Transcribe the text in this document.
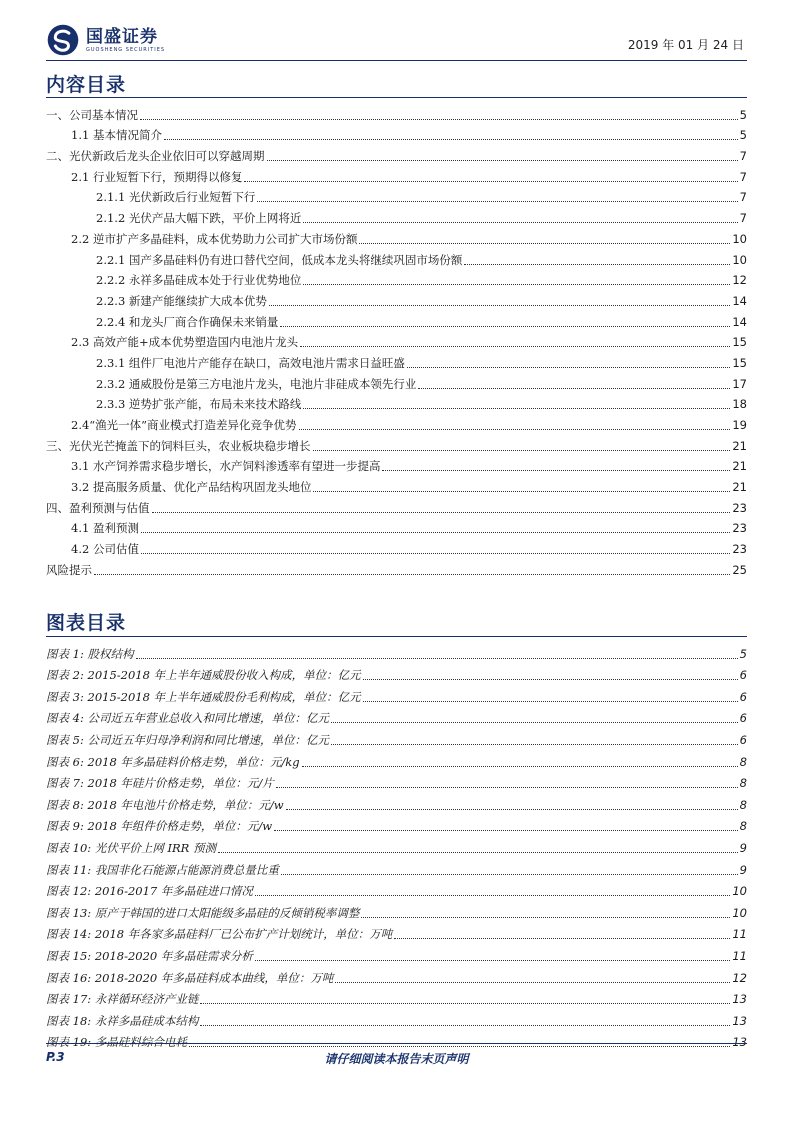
国盛证券
GUOSHENG SECURITIES	2019 年 01 月 24 日
内容目录
一、公司基本情况	5
1.1 基本情况简介	5
二、光伏新政后龙头企业依旧可以穿越周期	7
2.1 行业短暂下行，预期得以修复	7
2.1.1 光伏新政后行业短暂下行	7
2.1.2 光伏产品大幅下跌，平价上网将近	7
2.2 逆市扩产多晶硅料，成本优势助力公司扩大市场份额	10
2.2.1 国产多晶硅料仍有进口替代空间，低成本龙头将继续巩固市场份额	10
2.2.2 永祥多晶硅成本处于行业优势地位	12
2.2.3 新建产能继续扩大成本优势	14
2.2.4 和龙头厂商合作确保未来销量	14
2.3 高效产能+成本优势塑造国内电池片龙头	15
2.3.1 组件厂电池片产能存在缺口，高效电池片需求日益旺盛	15
2.3.2 通威股份是第三方电池片龙头，电池片非硅成本领先行业	17
2.3.3 逆势扩张产能，布局未来技术路线	18
2.4“渔光一体”商业模式打造差异化竞争优势	19
三、光伏光芒掩盖下的饲料巨头，农业板块稳步增长	21
3.1 水产饲养需求稳步增长，水产饲料渗透率有望进一步提高	21
3.2 提高服务质量、优化产品结构巩固龙头地位	21
四、盈利预测与估值	23
4.1 盈利预测	23
4.2 公司估值	23
风险提示	25
图表目录
图表 1: 股权结构	5
图表 2: 2015-2018 年上半年通威股份收入构成，单位：亿元	6
图表 3: 2015-2018 年上半年通威股份毛利构成，单位：亿元	6
图表 4: 公司近五年营业总收入和同比增速，单位：亿元	6
图表 5: 公司近五年归母净利润和同比增速，单位：亿元	6
图表 6: 2018 年多晶硅料价格走势，单位：元/kg	8
图表 7: 2018 年硅片价格走势，单位：元/片	8
图表 8: 2018 年电池片价格走势，单位：元/w	8
图表 9: 2018 年组件价格走势，单位：元/w	8
图表 10: 光伏平价上网 IRR 预测	9
图表 11: 我国非化石能源占能源消费总量比重	9
图表 12: 2016-2017 年多晶硅进口情况	10
图表 13: 原产于韩国的进口太阳能级多晶硅的反倾销税率调整	10
图表 14: 2018 年各家多晶硅料厂已公布扩产计划统计，单位：万吨	11
图表 15: 2018-2020 年多晶硅需求分析	11
图表 16: 2018-2020 年多晶硅料成本曲线，单位：万吨	12
图表 17: 永祥循环经济产业链	13
图表 18: 永祥多晶硅成本结构	13
图表 19: 多晶硅料综合电耗	13
请仔细阅读本报告末页声明
P.3
